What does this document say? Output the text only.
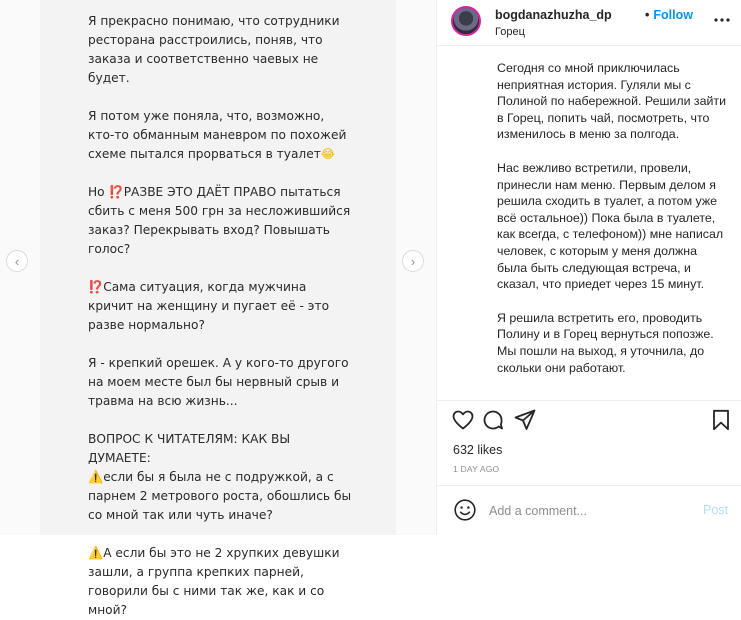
Я прекрасно понимаю, что сотрудники ресторана расстроились, поняв, что заказа и соответственно чаевых не будет.

Я потом уже поняла, что, возможно, кто-то обманным маневром по похожей схеме пытался прорваться в туалет😂

Но ⁉️РАЗВЕ ЭТО ДАЁТ ПРАВО пытаться сбить с меня 500 грн за несложившийся заказ? Перекрывать вход? Повышать голос?

⁉️Сама ситуация, когда мужчина кричит на женщину и пугает её - это разве нормально?

Я - крепкий орешек. А у кого-то другого на моем месте был бы нервный срыв и травма на всю жизнь...

ВОПРОС К ЧИТАТЕЛЯМ: КАК ВЫ ДУМАЕТЕ:
⚠️если бы я была не с подружкой, а с парнем 2 метрового роста, обошлись бы со мной так или чуть иначе?

⚠️А если бы это не 2 хрупких девушки зашли, а группа крепких парней, говорили бы с ними так же, как и со мной?

‹	›
bogdanazhuzha_dp	• Follow
Горец

Сегодня со мной приключилась неприятная история. Гуляли мы с Полиной по набережной. Решили зайти в Горец, попить чай, посмотреть, что изменилось в меню за полгода.

Нас вежливо встретили, провели, принесли нам меню. Первым делом я решила сходить в туалет, а потом уже всё остальное)) Пока была в туалете, как всегда, с телефоном)) мне написал человек, с которым у меня должна была быть следующая встреча, и сказал, что приедет через 15 минут.

Я решила встретить его, проводить Полину и в Горец вернуться попозже. Мы пошли на выход, я уточнила, до скольки они работают.

632 likes
1 DAY AGO
Add a comment...
Post
